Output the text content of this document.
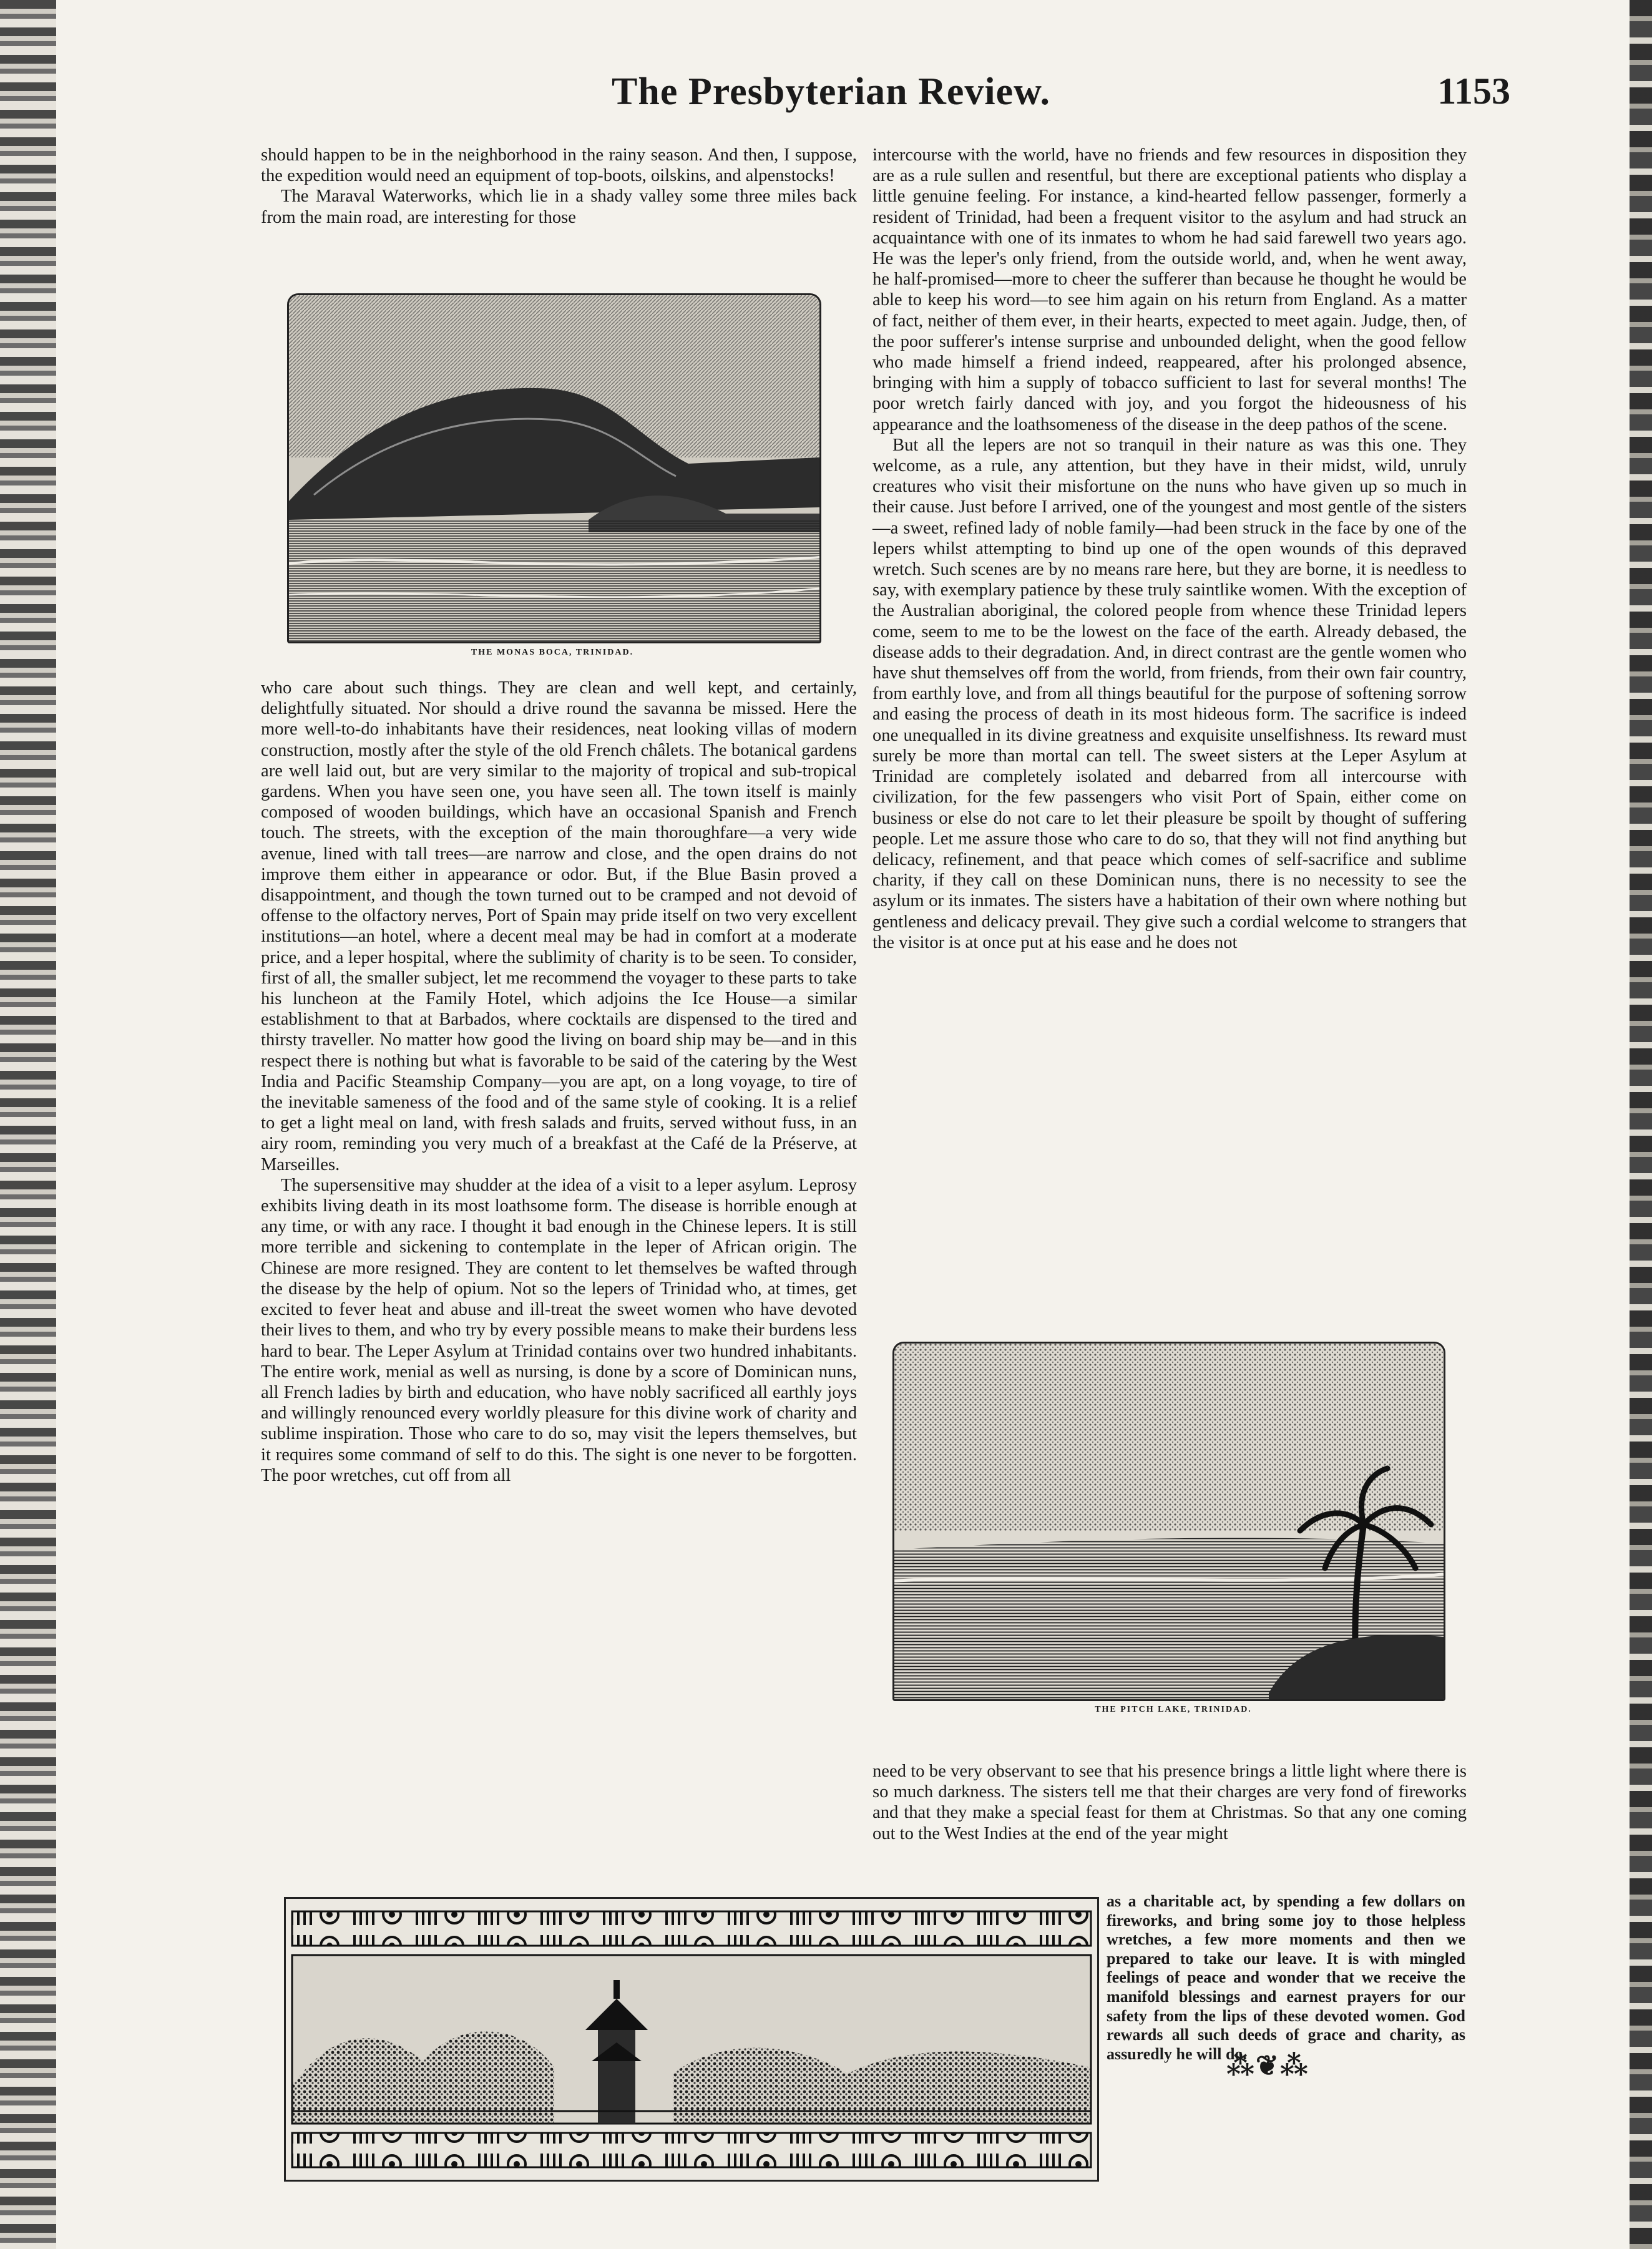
The Presbyterian Review.	1153

should happen to be in the neighborhood in the rainy season. And then, I suppose, the expedition would need an equipment of top-boots, oilskins, and alpenstocks!

The Maraval Waterworks, which lie in a shady valley some three miles back from the main road, are interesting for those

THE MONAS BOCA, TRINIDAD.

who care about such things. They are clean and well kept, and certainly, delightfully situated. Nor should a drive round the savanna be missed. Here the more well-to-do inhabitants have their residences, neat looking villas of modern construction, mostly after the style of the old French châlets. The botanical gardens are well laid out, but are very similar to the majority of tropical and sub-tropical gardens. When you have seen one, you have seen all. The town itself is mainly composed of wooden buildings, which have an occasional Spanish and French touch. The streets, with the exception of the main thoroughfare—a very wide avenue, lined with tall trees—are narrow and close, and the open drains do not improve them either in appearance or odor. But, if the Blue Basin proved a disappointment, and though the town turned out to be cramped and not devoid of offense to the olfactory nerves, Port of Spain may pride itself on two very excellent institutions—an hotel, where a decent meal may be had in comfort at a moderate price, and a leper hospital, where the sublimity of charity is to be seen. To consider, first of all, the smaller subject, let me recommend the voyager to these parts to take his luncheon at the Family Hotel, which adjoins the Ice House—a similar establishment to that at Barbados, where cocktails are dispensed to the tired and thirsty traveller. No matter how good the living on board ship may be—and in this respect there is nothing but what is favorable to be said of the catering by the West India and Pacific Steamship Company—you are apt, on a long voyage, to tire of the inevitable sameness of the food and of the same style of cooking. It is a relief to get a light meal on land, with fresh salads and fruits, served without fuss, in an airy room, reminding you very much of a breakfast at the Café de la Préserve, at Marseilles.

The supersensitive may shudder at the idea of a visit to a leper asylum. Leprosy exhibits living death in its most loathsome form. The disease is horrible enough at any time, or with any race. I thought it bad enough in the Chinese lepers. It is still more terrible and sickening to contemplate in the leper of African origin. The Chinese are more resigned. They are content to let themselves be wafted through the disease by the help of opium. Not so the lepers of Trinidad who, at times, get excited to fever heat and abuse and ill-treat the sweet women who have devoted their lives to them, and who try by every possible means to make their burdens less hard to bear. The Leper Asylum at Trinidad contains over two hundred inhabitants. The entire work, menial as well as nursing, is done by a score of Dominican nuns, all French ladies by birth and education, who have nobly sacrificed all earthly joys and willingly renounced every worldly pleasure for this divine work of charity and sublime inspiration. Those who care to do so, may visit the lepers themselves, but it requires some command of self to do this. The sight is one never to be forgotten. The poor wretches, cut off from all

intercourse with the world, have no friends and few resources in disposition they are as a rule sullen and resentful, but there are exceptional patients who display a little genuine feeling. For instance, a kind-hearted fellow passenger, formerly a resident of Trinidad, had been a frequent visitor to the asylum and had struck an acquaintance with one of its inmates to whom he had said farewell two years ago. He was the leper's only friend, from the outside world, and, when he went away, he half-promised—more to cheer the sufferer than because he thought he would be able to keep his word—to see him again on his return from England. As a matter of fact, neither of them ever, in their hearts, expected to meet again. Judge, then, of the poor sufferer's intense surprise and unbounded delight, when the good fellow who made himself a friend indeed, reappeared, after his prolonged absence, bringing with him a supply of tobacco sufficient to last for several months! The poor wretch fairly danced with joy, and you forgot the hideousness of his appearance and the loathsomeness of the disease in the deep pathos of the scene.

But all the lepers are not so tranquil in their nature as was this one. They welcome, as a rule, any attention, but they have in their midst, wild, unruly creatures who visit their misfortune on the nuns who have given up so much in their cause. Just before I arrived, one of the youngest and most gentle of the sisters—a sweet, refined lady of noble family—had been struck in the face by one of the lepers whilst attempting to bind up one of the open wounds of this depraved wretch. Such scenes are by no means rare here, but they are borne, it is needless to say, with exemplary patience by these truly saintlike women. With the exception of the Australian aboriginal, the colored people from whence these Trinidad lepers come, seem to me to be the lowest on the face of the earth. Already debased, the disease adds to their degradation. And, in direct contrast are the gentle women who have shut themselves off from the world, from friends, from their own fair country, from earthly love, and from all things beautiful for the purpose of softening sorrow and easing the process of death in its most hideous form. The sacrifice is indeed one unequalled in its divine greatness and exquisite unselfishness. Its reward must surely be more than mortal can tell. The sweet sisters at the Leper Asylum at Trinidad are completely isolated and debarred from all intercourse with civilization, for the few passengers who visit Port of Spain, either come on business or else do not care to let their pleasure be spoilt by thought of suffering people. Let me assure those who care to do so, that they will not find anything but delicacy, refinement, and that peace which comes of self-sacrifice and sublime charity, if they call on these Dominican nuns, there is no necessity to see the asylum or its inmates. The sisters have a habitation of their own where nothing but gentleness and delicacy prevail. They give such a cordial welcome to strangers that the visitor is at once put at his ease and he does not

THE PITCH LAKE, TRINIDAD.

need to be very observant to see that his presence brings a little light where there is so much darkness. The sisters tell me that their charges are very fond of fireworks and that they make a special feast for them at Christmas. So that any one coming out to the West Indies at the end of the year might

as a charitable act, by spending a few dollars on fireworks, and bring some joy to those helpless wretches, a few more moments and then we prepared to take our leave. It is with mingled feelings of peace and wonder that we receive the manifold blessings and earnest prayers for our safety from the lips of these devoted women. God rewards all such deeds of grace and charity, as assuredly he will do.

⁂❦⁂
